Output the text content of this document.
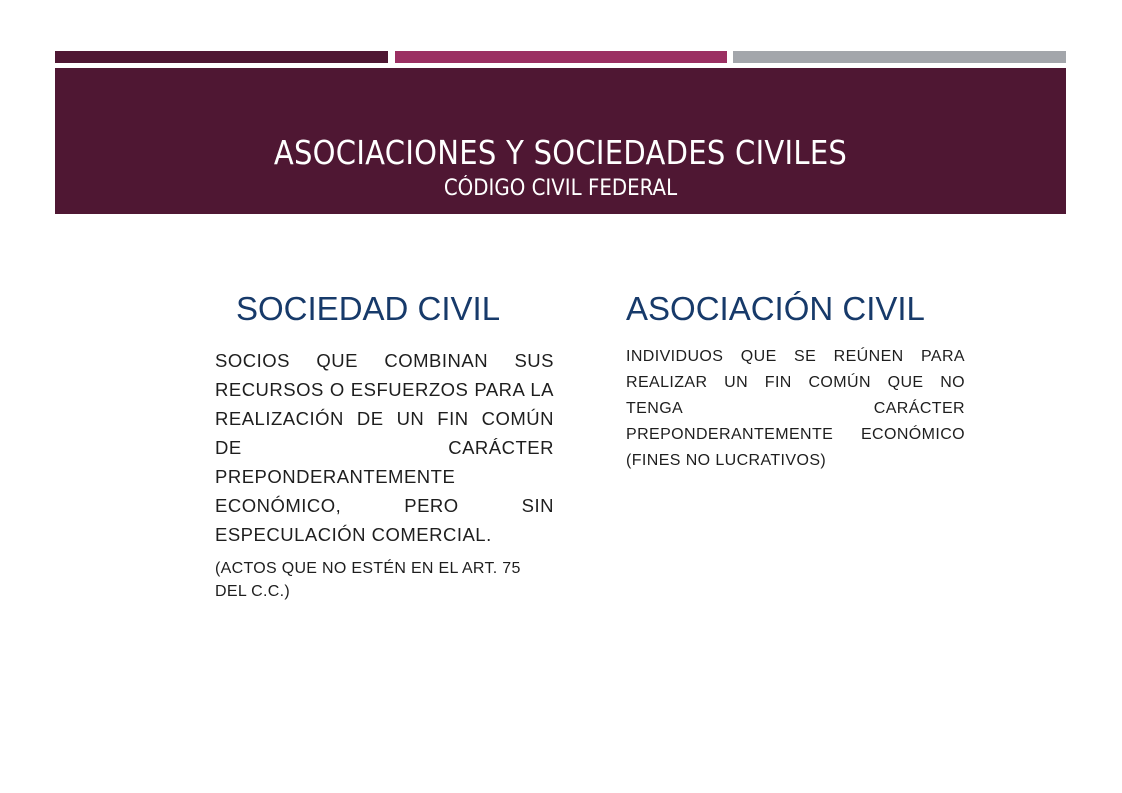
ASOCIACIONES Y SOCIEDADES CIVILES
CÓDIGO CIVIL FEDERAL
SOCIEDAD CIVIL
SOCIOS QUE COMBINAN SUS RECURSOS O ESFUERZOS PARA LA REALIZACIÓN DE UN FIN COMÚN DE CARÁCTER PREPONDERANTEMENTE ECONÓMICO, PERO SIN ESPECULACIÓN COMERCIAL.
(ACTOS QUE NO ESTÉN EN EL ART. 75 DEL C.C.)
ASOCIACIÓN CIVIL
INDIVIDUOS QUE SE REÚNEN PARA REALIZAR UN FIN COMÚN QUE NO TENGA CARÁCTER PREPONDERANTEMENTE ECONÓMICO (FINES NO LUCRATIVOS)
